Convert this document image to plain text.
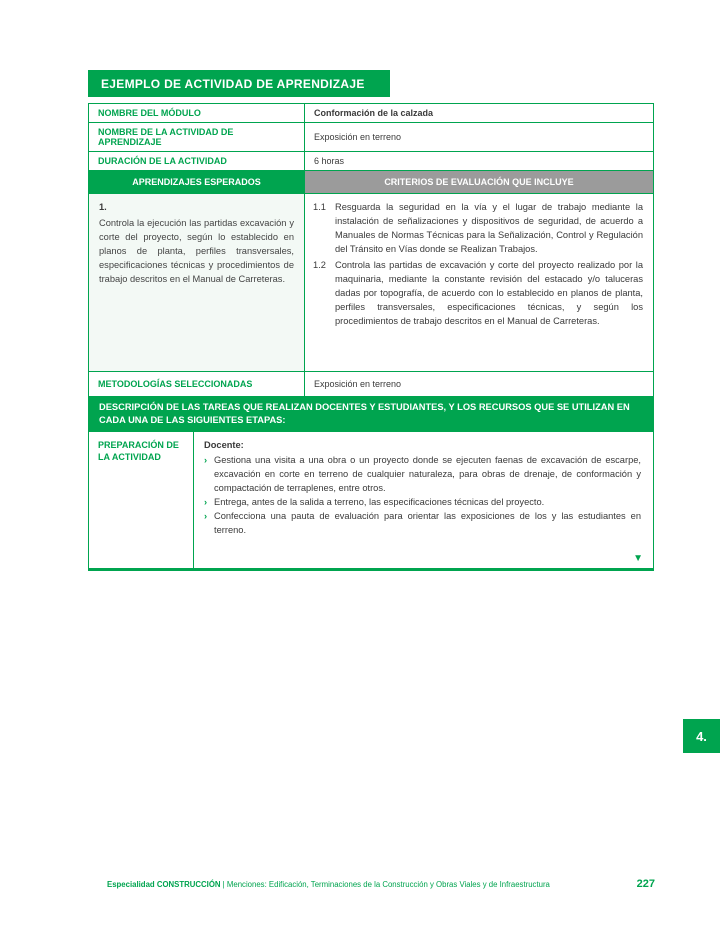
EJEMPLO DE ACTIVIDAD DE APRENDIZAJE
NOMBRE DEL MÓDULO	Conformación de la calzada
NOMBRE DE LA ACTIVIDAD DE APRENDIZAJE	Exposición en terreno
DURACIÓN DE LA ACTIVIDAD	6 horas
APRENDIZAJES ESPERADOS	CRITERIOS DE EVALUACIÓN QUE INCLUYE
1.
Controla la ejecución las partidas excavación y corte del proyecto, según lo establecido en planos de planta, perfiles transversales, especificaciones técnicas y procedimientos de trabajo descritos en el Manual de Carreteras.
1.1 Resguarda la seguridad en la vía y el lugar de trabajo mediante la instalación de señalizaciones y dispositivos de seguridad, de acuerdo a Manuales de Normas Técnicas para la Señalización, Control y Regulación del Tránsito en Vías donde se Realizan Trabajos.
1.2 Controla las partidas de excavación y corte del proyecto realizado por la maquinaria, mediante la constante revisión del estacado y/o taluceras dadas por topografía, de acuerdo con lo establecido en planos de planta, perfiles transversales, especificaciones técnicas, y según los procedimientos de trabajo descritos en el Manual de Carreteras.
METODOLOGÍAS SELECCIONADAS	Exposición en terreno
DESCRIPCIÓN DE LAS TAREAS QUE REALIZAN DOCENTES Y ESTUDIANTES, Y LOS RECURSOS QUE SE UTILIZAN EN CADA UNA DE LAS SIGUIENTES ETAPAS:
PREPARACIÓN DE LA ACTIVIDAD
Docente:
› Gestiona una visita a una obra o un proyecto donde se ejecuten faenas de excavación de escarpe, excavación en corte en terreno de cualquier naturaleza, para obras de drenaje, de conformación y compactación de terraplenes, entre otros.
› Entrega, antes de la salida a terreno, las especificaciones técnicas del proyecto.
› Confecciona una pauta de evaluación para orientar las exposiciones de los y las estudiantes en terreno.
▼
4.
Especialidad CONSTRUCCIÓN | Menciones: Edificación, Terminaciones de la Construcción y Obras Viales y de Infraestructura	227
